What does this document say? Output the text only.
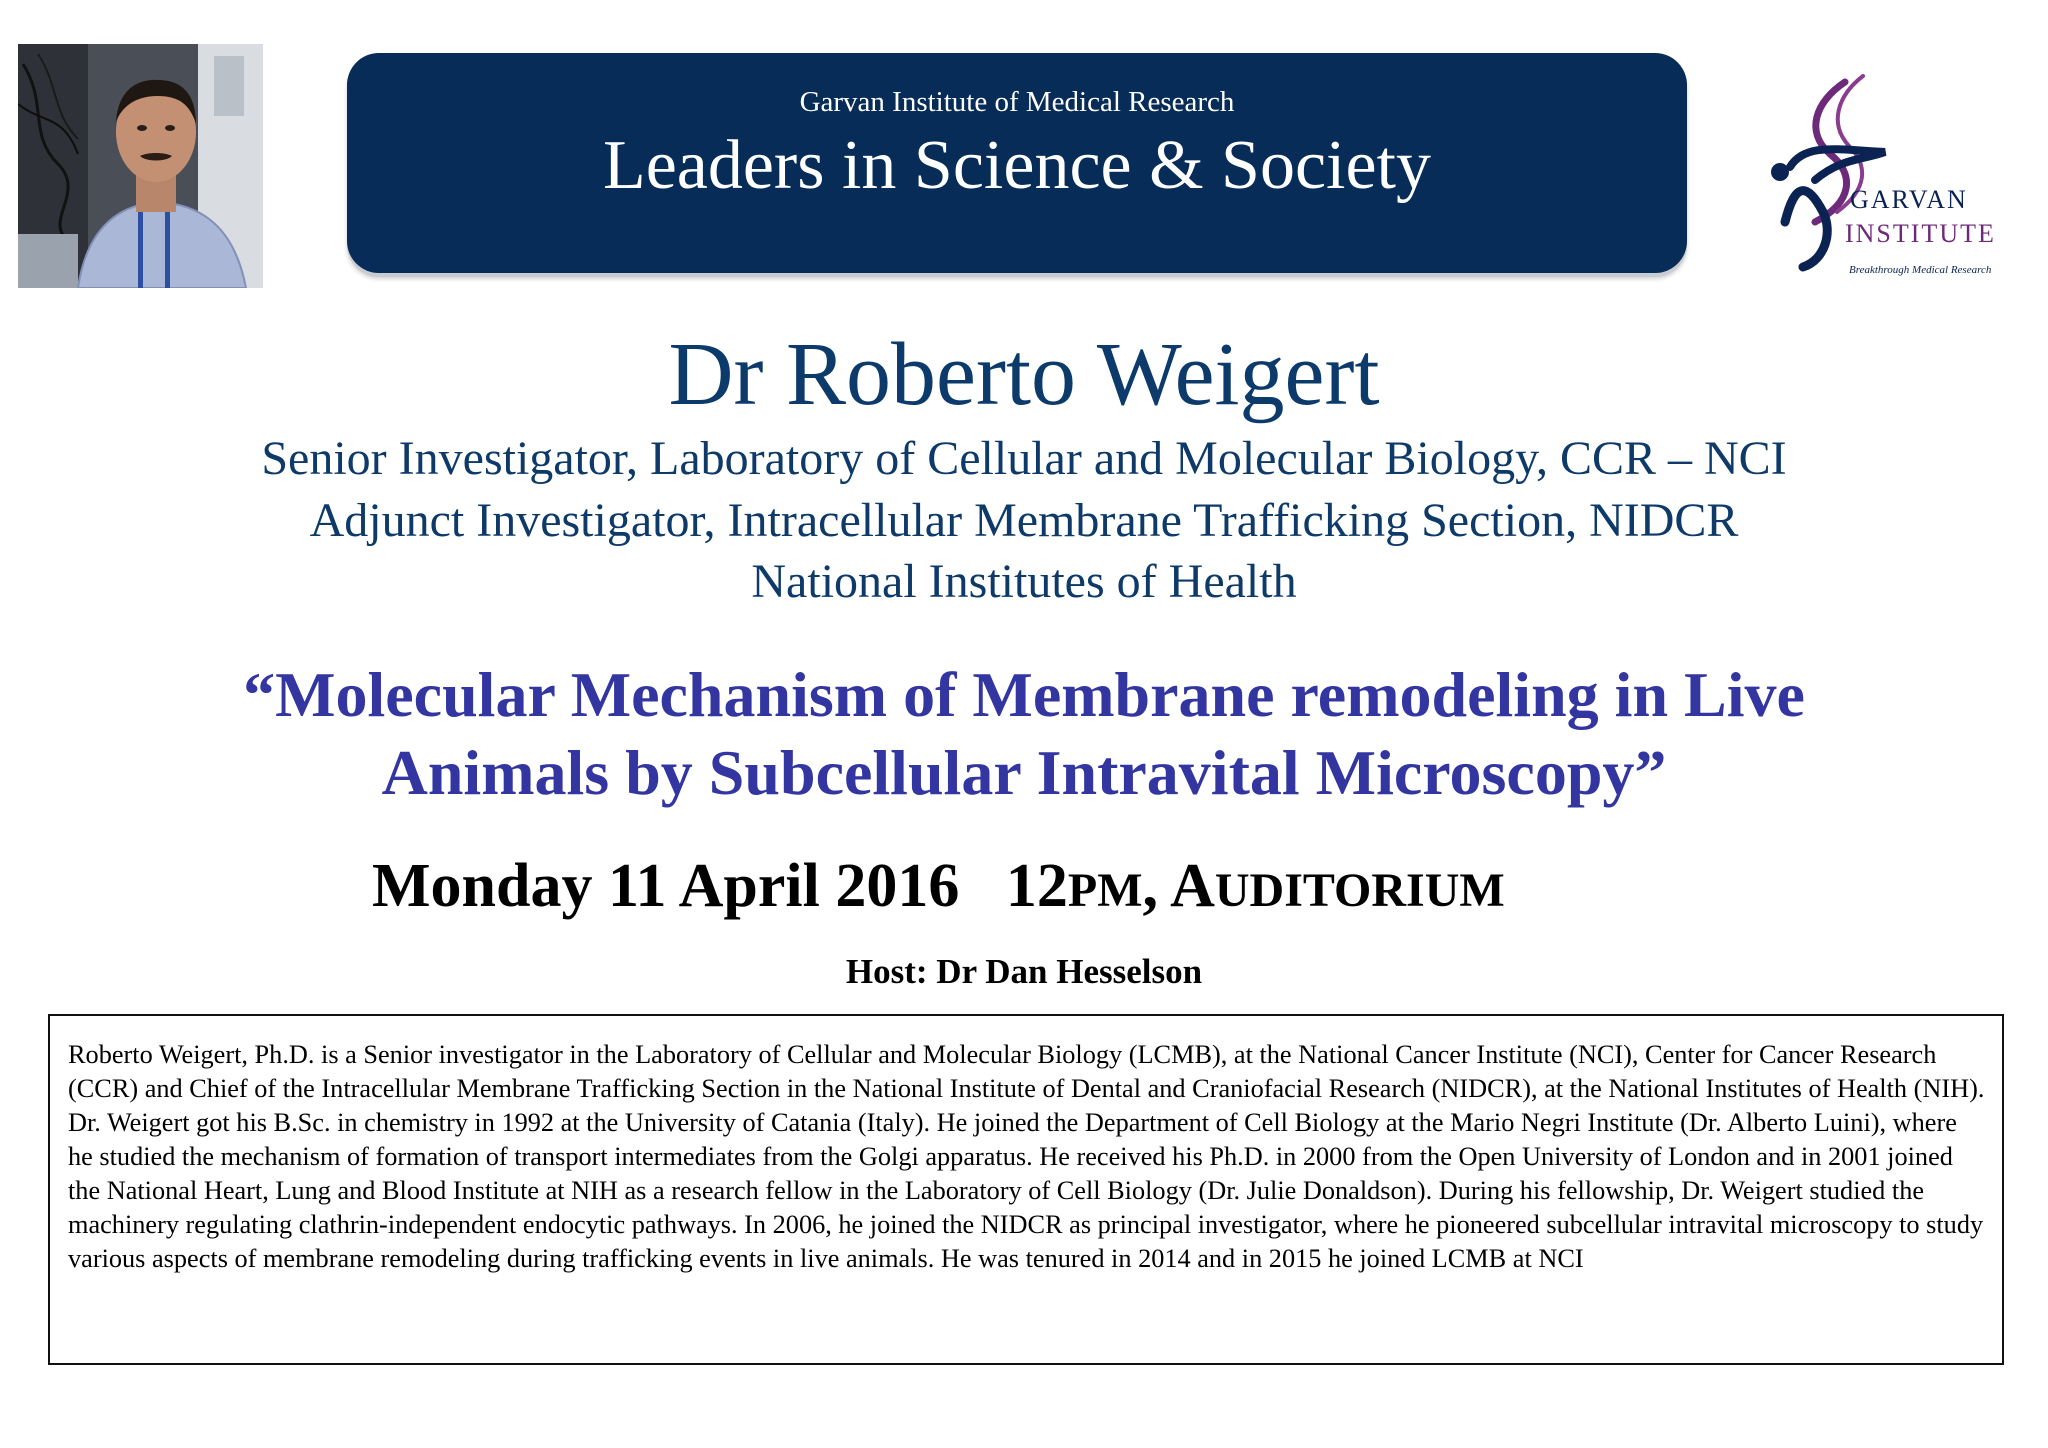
Garvan Institute of Medical Research
Leaders in Science & Society	GARVAN
INSTITUTE
Breakthrough Medical Research
Dr Roberto Weigert
Senior Investigator, Laboratory of Cellular and Molecular Biology, CCR – NCI
Adjunct Investigator, Intracellular Membrane Trafficking Section, NIDCR
National Institutes of Health
“Molecular Mechanism of Membrane remodeling in Live
Animals by Subcellular Intravital Microscopy”
Monday 11 April 2016 12PM, AUDITORIUM
Host: Dr Dan Hesselson
Roberto Weigert, Ph.D. is a Senior investigator in the Laboratory of Cellular and Molecular Biology (LCMB), at the National Cancer Institute (NCI), Center for Cancer Research (CCR) and Chief of the Intracellular Membrane Trafficking Section in the National Institute of Dental and Craniofacial Research (NIDCR), at the National Institutes of Health (NIH). Dr. Weigert got his B.Sc. in chemistry in 1992 at the University of Catania (Italy). He joined the Department of Cell Biology at the Mario Negri Institute (Dr. Alberto Luini), where he studied the mechanism of formation of transport intermediates from the Golgi apparatus. He received his Ph.D. in 2000 from the Open University of London and in 2001 joined the National Heart, Lung and Blood Institute at NIH as a research fellow in the Laboratory of Cell Biology (Dr. Julie Donaldson). During his fellowship, Dr. Weigert studied the machinery regulating clathrin-independent endocytic pathways. In 2006, he joined the NIDCR as principal investigator, where he pioneered subcellular intravital microscopy to study various aspects of membrane remodeling during trafficking events in live animals. He was tenured in 2014 and in 2015 he joined LCMB at NCI
